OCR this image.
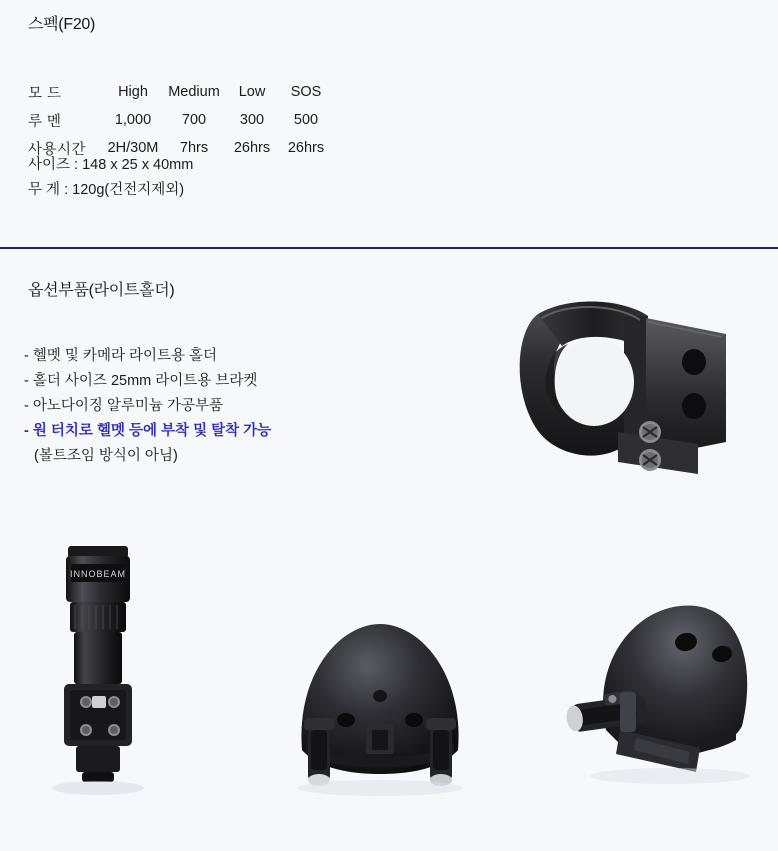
스펙(F20)
모 드	High	Medium	Low	SOS
루 멘	1,000	700	300	500
사용시간	2H/30M	7hrs	26hrs	26hrs
사이즈 : 148 x 25 x 40mm
무 게 : 120g(건전지제외)
옵션부품(라이트홀더)
- 헬멧 및 카메라 라이트용 홀더
- 홀더 사이즈 25mm 라이트용 브라켓
- 아노다이징 알루미늄 가공부품
- 원 터치로 헬멧 등에 부착 및 탈착 가능
(볼트조임 방식이 아님)
INNOBEAM
